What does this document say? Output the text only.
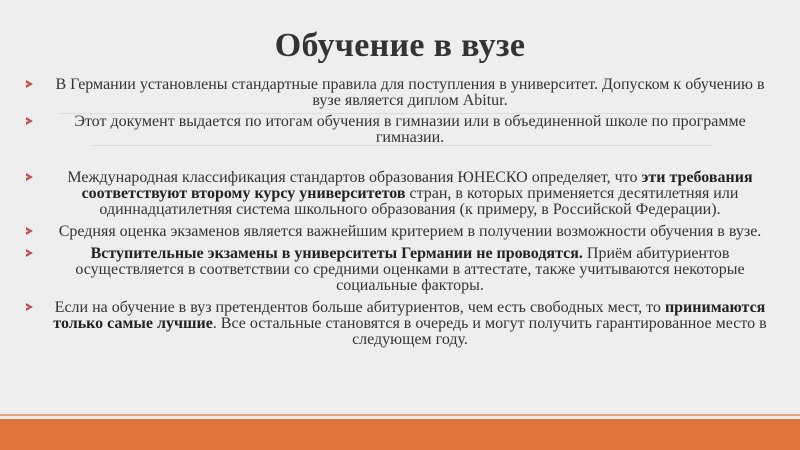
Обучение в вузе
В Германии установлены стандартные правила для поступления в университет. Допуском к обучению в вузе является диплом Abitur.
Этот документ выдается по итогам обучения в гимназии или в объединенной школе по программе гимназии.
Международная классификация стандартов образования ЮНЕСКО определяет, что эти требования соответствуют второму курсу университетов стран, в которых применяется десятилетняя или одиннадцатилетняя система школьного образования (к примеру, в Российской Федерации).
Средняя оценка экзаменов является важнейшим критерием в получении возможности обучения в вузе.
Вступительные экзамены в университеты Германии не проводятся. Приём абитуриентов осуществляется в соответствии со средними оценками в аттестате, также учитываются некоторые социальные факторы.
Если на обучение в вуз претендентов больше абитуриентов, чем есть свободных мест, то принимаются только самые лучшие. Все остальные становятся в очередь и могут получить гарантированное место в следующем году.
